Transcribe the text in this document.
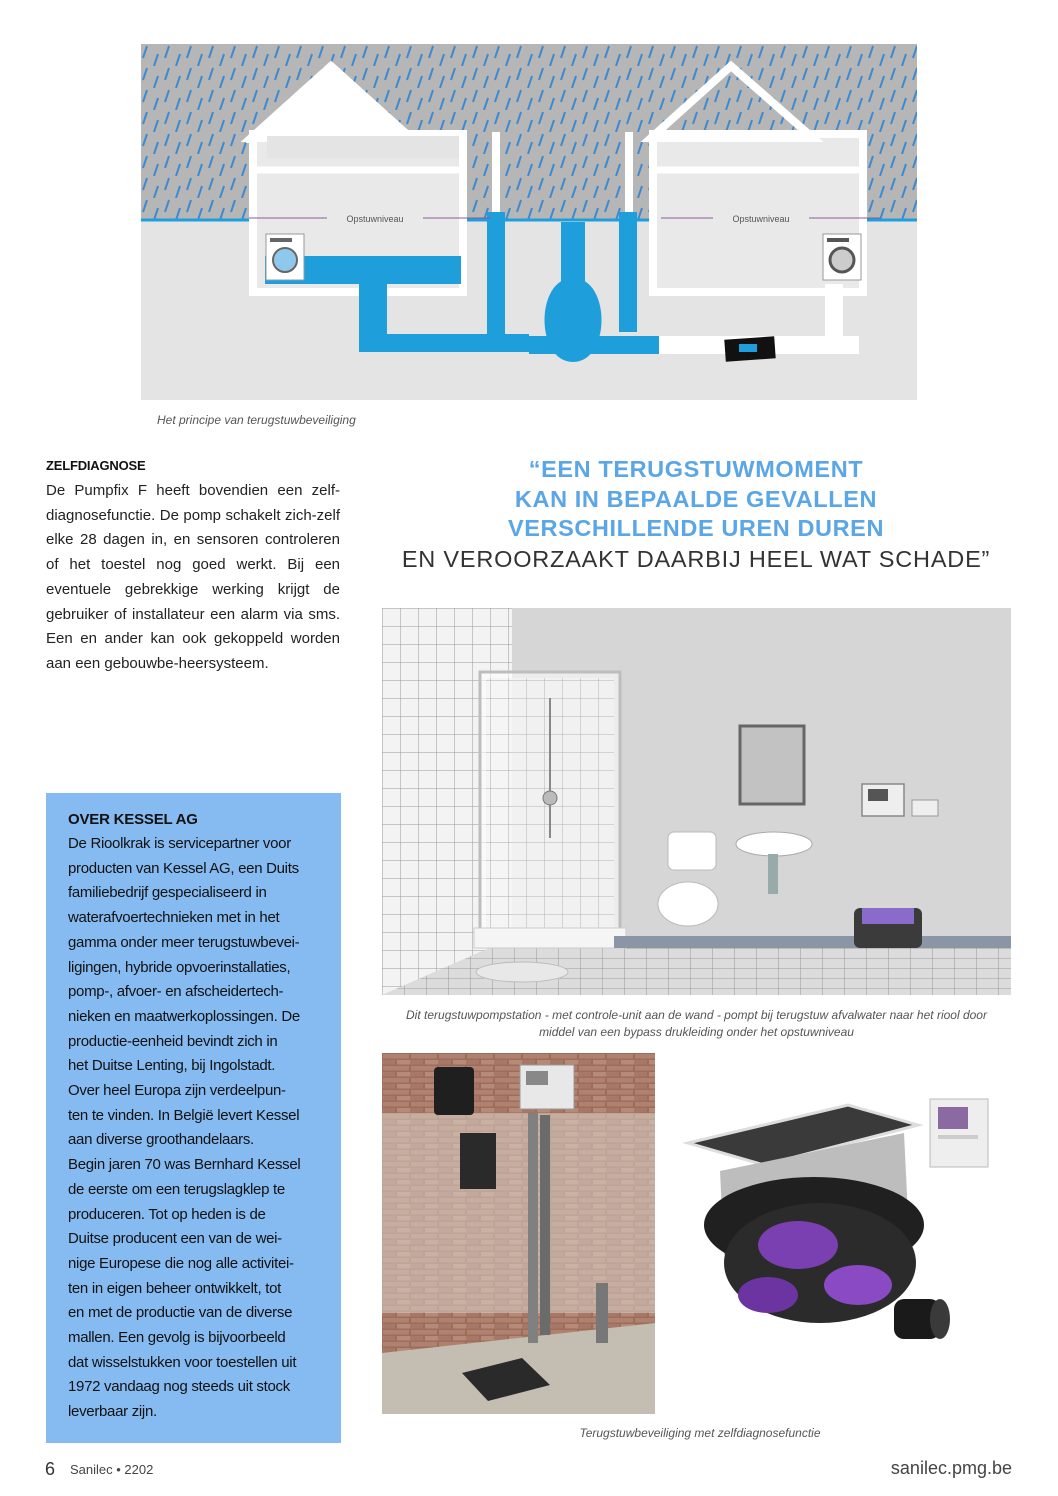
Opstuwniveau	Opstuwniveau
Het principe van terugstuwbeveiliging
ZELFDIAGNOSE
De Pumpfix F heeft bovendien een zelf-diagnosefunctie. De pomp schakelt zich-zelf elke 28 dagen in, en sensoren controleren of het toestel nog goed werkt. Bij een eventuele gebrekkige werking krijgt de gebruiker of installateur een alarm via sms. Een en ander kan ook gekoppeld worden aan een gebouwbe-heersysteem.
“EEN TERUGSTUWMOMENT
KAN IN BEPAALDE GEVALLEN
VERSCHILLENDE UREN DUREN
EN VEROORZAAKT DAARBIJ HEEL WAT SCHADE”
OVER KESSEL AG
De Rioolkrak is servicepartner voor
producten van Kessel AG, een Duits
familiebedrijf gespecialiseerd in
waterafvoertechnieken met in het
gamma onder meer terugstuwbevei-
ligingen, hybride opvoerinstallaties,
pomp-, afvoer- en afscheidertech-
nieken en maatwerkoplossingen. De
productie-eenheid bevindt zich in
het Duitse Lenting, bij Ingolstadt.
Over heel Europa zijn verdeelpun-
ten te vinden. In België levert Kessel
aan diverse groothandelaars.
Begin jaren 70 was Bernhard Kessel
de eerste om een terugslagklep te
produceren. Tot op heden is de
Duitse producent een van de wei-
nige Europese die nog alle activitei-
ten in eigen beheer ontwikkelt, tot
en met de productie van de diverse
mallen. Een gevolg is bijvoorbeeld
dat wisselstukken voor toestellen uit
1972 vandaag nog steeds uit stock
leverbaar zijn.
Dit terugstuwpompstation - met controle-unit aan de wand - pompt bij terugstuw afvalwater naar het riool door
middel van een bypass drukleiding onder het opstuwniveau
Terugstuwbeveiliging met zelfdiagnosefunctie
6 Sanilec • 2202	sanilec.pmg.be
